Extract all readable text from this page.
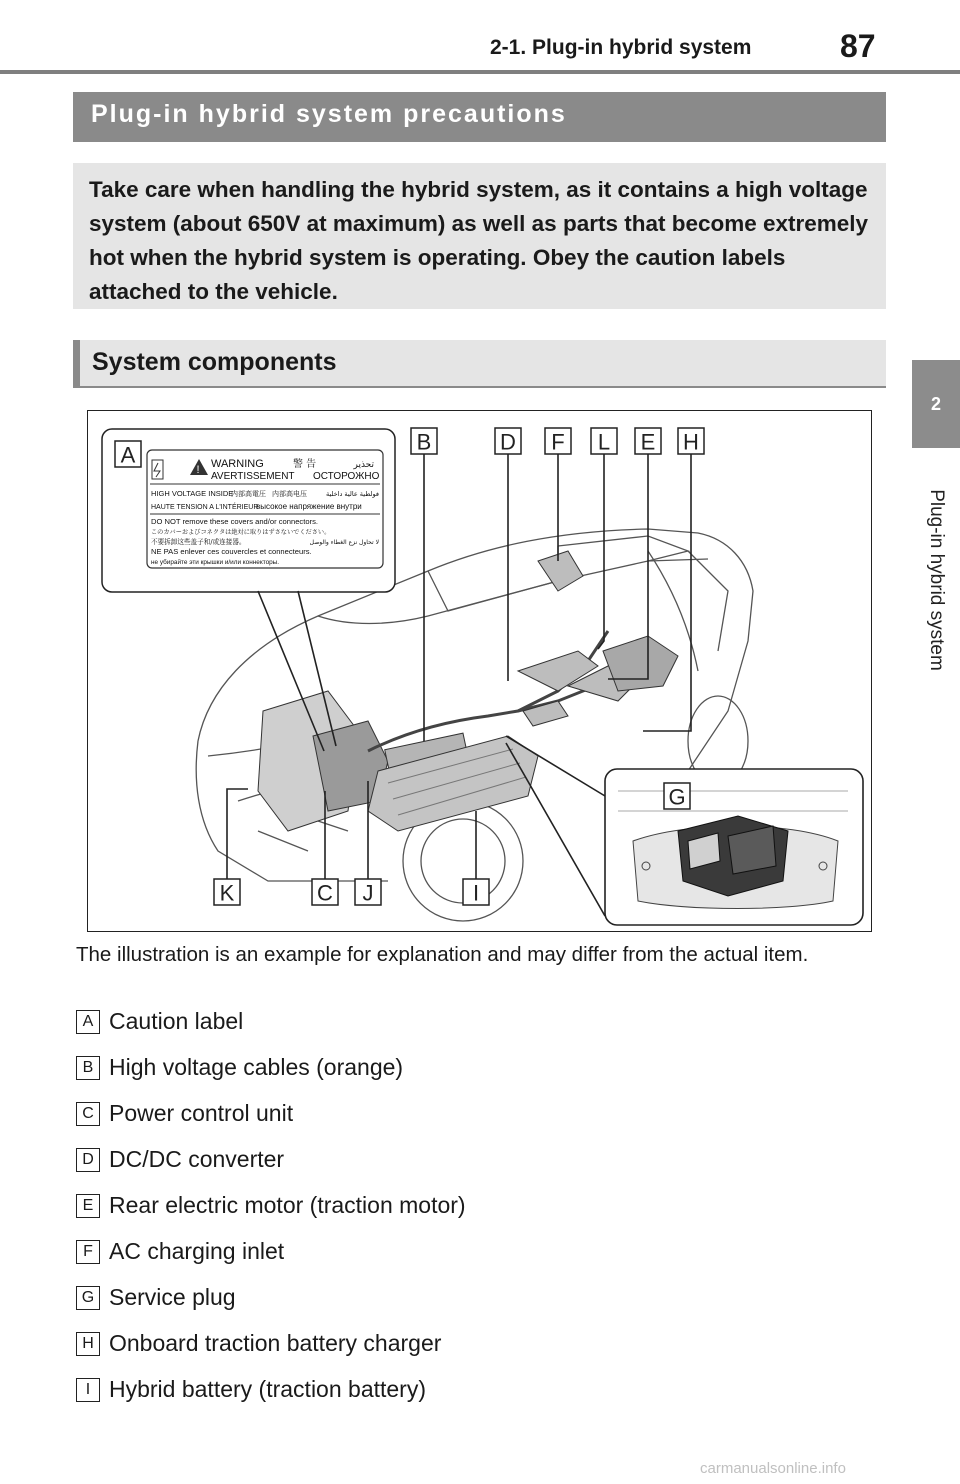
2-1. Plug-in hybrid system	87
2
Plug-in hybrid system
Plug-in hybrid system precautions
Take care when handling the hybrid system, as it contains a high voltage system (about 650V at maximum) as well as parts that become extremely hot when the hybrid system is operating. Obey the caution labels attached to the vehicle.
System components
! WARNING	警 告	تحذير
AVERTISSEMENT ОСТОРОЖНО
HIGH VOLTAGE INSIDE
内部高電圧 内部高电压	فولطية عالية داخلية
HAUTE TENSION A L'INTÉRIEUR
высокое напряжение внутри
DO NOT remove these covers and/or connectors.
このカバーおよびコネクタは絶対に取りはずさないでください。
不要拆卸这些盖子和/或连接器。	لا تحاول نزع الغطاء والوصل
NE PAS enlever ces couvercles et connecteurs.
не убирайте эти крышки и/или коннекторы.
A
B	D F L E H
K	C J	I
G
The illustration is an example for explanation and may differ from the actual item.
A Caution label
B High voltage cables (orange)
C Power control unit
D DC/DC converter
E Rear electric motor (traction motor)
F AC charging inlet
G Service plug
H Onboard traction battery charger
I Hybrid battery (traction battery)
carmanualsonline.info
